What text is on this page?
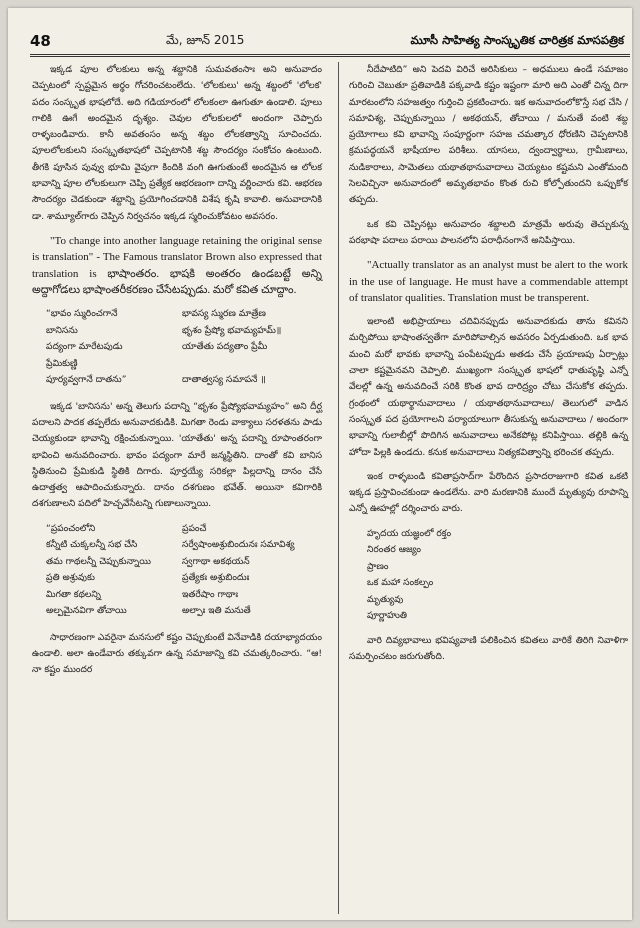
48	మే, జూన్ 2015	మూసీ సాహిత్య సాంస్కృతిక చారిత్రక మాసపత్రిక

ఇక్కడ పూల లోలకులు అన్న శబ్దానికి సుమవతంసాః అని అనువాదం చెప్పటంలో స్పష్టమైన అర్థం గోచరించటంలేదు. 'లోలకులు' అన్న శబ్దంలో 'లోలక' పదం సంస్కృత భాషలోదే. అది గడియారంలో లోలకంలా ఊగుతూ ఉండాలి. పూలు గాలికి ఊగే అందమైన దృశ్యం. చెవుల లోలకులలో అందంగా చెప్పారు రాళ్ళబండివారు. కానీ అవతంసం అన్న శబ్దం లోలకత్వాన్ని సూచించదు. పూలలోలకులని సంస్కృతభాషలో చెప్పటానికి శబ్ద సౌందర్యం సంకోచం ఉంటుంది. తీగకి పూసిన పువ్వు భూమి వైపుగా కిందికి వంగి ఊగుతుంటే అందమైన ఆ లోలక భావాన్ని పూల లోలకులుగా చెప్పి ప్రత్యేక ఆభరణంగా దాన్ని వర్ణించారు కవి. ఆభరణ సౌందర్యం చెడకుండా శబ్దాన్ని ప్రయోగించడానికి విశేష కృషి కావాలి. అనువాదానికి డా. శామ్యూల్‌గారు చెప్పిన నిర్వచనం ఇక్కడ స్మరించుకోవటం అవసరం.

"To change into another language retaining the original sense is translation" - The Famous translator Brown also expressed that translation is భాషాంతరం. భాషకి అంతరం ఉండబట్టే అన్ని అద్దాగోడలు భాషాంతరీకరణం చేసేటప్పుడు. మరో కవిత చూద్దాం.

“భావం స్మురించగానే	భావస్య స్మురణ మాత్రేణ
బానిసను	భృశం ప్రేష్యో భవామ్యహమ్॥
పద్యంగా మారేటపుడు	యాతేతు పద్యతాం ప్రేమీ
ప్రేమికుణ్ణి
పూర్యవ్వగానే దాతను”	దాతాత్వస్య సమాపనే ॥

ఇక్కడ 'బానిసను' అన్న తెలుగు పదాన్ని “భృశం ప్రేష్యోభవామ్యహం” అని దీర్ఘ పదాలని పాదక తప్పలేదు అనువాదకుడికి. మిగతా రెండు వాక్యాలు సరళతను పాడు చెయ్యకుండా భావాన్ని రక్షించుకున్నాయి. 'యాతేతు' అన్న పదాన్ని రూపాంతరంగా భావించి అనువదించారు. భావం పద్యంగా మారే జన్మస్థితిని. దాంతో కవి బానిస స్థితినుంచి ప్రేమికుడి స్థితికి దిగారు. పూర్తయ్యే సరికల్లా పిల్లదాన్ని దానం చేసే ఉదాత్తత్వ ఆపాదించుకున్నారు. దానం దశగుణం భవేత్. అయినా కవిగారికి దశగుణాలని పదిలో హెచ్చవేసేటన్ని గుణాలున్నాయి.

“ప్రపంచంలోని	ప్రపంచే
కన్నీటి చుక్కలన్నీ సభ చేసి	సర్వేషాంఅశ్రుబిందునః సమావిశ్య
తమ గాథలన్నీ చెప్పుకున్నాయి	స్వగాథా అకథయన్
ప్రతి అశ్రువుకు	ప్రత్యేకః అశ్రుబిందుః
మిగతా కథలన్ని	ఇతరేషాం గాథాః
అల్పమైనవిగా తోచాయి	అల్పాః ఇతి మనుతే

సాధారణంగా ఎవరైనా మనసులో కష్టం చెప్పుకుంటే వినేవాడికి దయాభ్యాదయం ఉండాలి. అలా ఉండేవారు తక్కువగా ఉన్న సమాజాన్ని కవి చమత్కరించారు. “ఆ! నా కష్టం ముందర

నీదేపాటిది” అని పెదవి విరిచే అరిసికులు – అధములు ఉండే సమాజం గురించి చెబుతూ ప్రతివాడికి పక్కవాడి కష్టం ఇష్టంగా మారి అది ఎంతో చిన్న దిగా మారటంలోని సహజత్వం గుర్తించి ప్రకటించారు. ఇక అనువాదంలోకొస్తే సభ చేసి / సమావిశ్య, చెప్పుకున్నాయి / అకథయన్, తోచాయి / మనుతే వంటి శబ్ద ప్రయోగాలు కవి భావాన్ని సంపూర్ణంగా సహజ చమత్కార ధోరణిని చెప్పటానికి క్రమపద్ధయనే భాషీయాల పరిశీలు. యాసలు, ద్వంద్వార్థాలు, గ్రామీణాలు, నుడికారాలు, సామెతలు యథాతథానువాదాలు చెయ్యటం కష్టమని ఎంతోమంది సెలవిచ్చినా అనువాదంలో అమృతభావం కొంత రుచి కోల్పోతుందని ఒప్పుకోక తప్పదు.

ఒక కవి చెప్పినట్లు అనువాదం శబ్దాలది మాత్రమే అరువు తెచ్చుకున్న పరభాషా పదాలు పరాయి పాలనలోని పరాధీనంగానే అనిపిస్తాయి.

"Actually translator as an analyst must be alert to the work in the use of language. He must have a commendable attempt of translator qualities. Translation must be transperent.

ఇలాంటి అభిప్రాయాలు చదివినప్పుడు అనువాదకుడు తాను కవినని మర్చిపోయి భాషాంతస్వతేగా మారిపోవాల్సిన అవసరం ఏర్పడుతుంది. ఒక భావ మంచి మరో భావకు భావాన్ని పంపేటప్పుడు అతడు చేసే ప్రయాణపు ఏర్పాట్లు చాలా కష్టమైనవని చెప్పాలి. ముఖ్యంగా సంస్కృత భాషలో ధాతుపృష్ఠి ఎన్నో వేలల్లో ఉన్న అనువదించే సరికి కొంత భావ దారిద్ర్యం చోటు చేసుకోక తప్పదు. గ్రంథంలో యథార్థానువాదాలు / యథాతథానువాదాలు/ తెలుగులో వాడిన సంస్కృత పద ప్రయోగాలని పర్యాయాలుగా తీసుకున్న అనువాదాలు / అందంగా భావాన్ని గులాబీల్లో పొదిగిన అనువాదాలు అనేకపోట్ల కనిపిస్తాయి. తల్లికి ఉన్న హోదా పిల్లకి ఉండదు. కనుక అనువాదాలు నిత్యకవిత్వాన్ని భరించక తప్పదు.

ఇంక రాళ్ళబండి కవితాప్రసాద్‌గా పేరొందిన ప్రసాదరాజుగారి కవిత ఒకటి ఇక్కడ ప్రస్తావించకుండా ఉండలేను. వారి మరణానికి ముందే మృత్యువు రూపాన్ని ఎన్నో ఊహల్లో దర్శించారు వారు.

హృదయ యజ్ఞంలో రక్తం
నిరంతర ఆజ్యం
ప్రాణం
ఒక మహా సంకల్పం
మృత్యువు
పూర్ణాహుతి

వారి దివ్యభావాలు భవిష్యవాణి పలికించిన కవితలు వారికే తిరిగి నివాళిగా సమర్పించటం జరుగుతోంది.
